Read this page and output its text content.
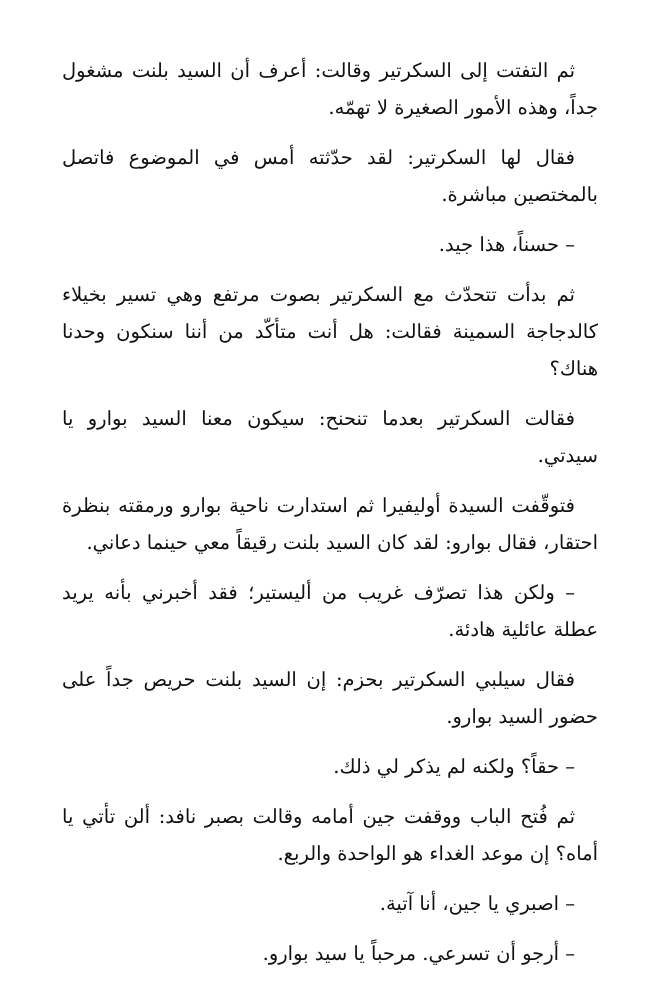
ثم التفتت إلى السكرتير وقالت: أعرف أن السيد بلنت مشغول جداً، وهذه الأمور الصغيرة لا تهمّه.

فقال لها السكرتير: لقد حدّثته أمس في الموضوع فاتصل بالمختصين مباشرة.

– حسناً، هذا جيد.

ثم بدأت تتحدّث مع السكرتير بصوت مرتفع وهي تسير بخيلاء كالدجاجة السمينة فقالت: هل أنت متأكّد من أننا سنكون وحدنا هناك؟

فقالت السكرتير بعدما تنحنح: سيكون معنا السيد بوارو يا سيدتي.

فتوقّفت السيدة أوليفيرا ثم استدارت ناحية بوارو ورمقته بنظرة احتقار، فقال بوارو: لقد كان السيد بلنت رقيقاً معي حينما دعاني.

– ولكن هذا تصرّف غريب من أليستير؛ فقد أخبرني بأنه يريد عطلة عائلية هادئة.

فقال سيلبي السكرتير بحزم: إن السيد بلنت حريص جداً على حضور السيد بوارو.

– حقاً؟ ولكنه لم يذكر لي ذلك.

ثم فُتح الباب ووقفت جين أمامه وقالت بصبر نافد: ألن تأتي يا أماه؟ إن موعد الغداء هو الواحدة والربع.

– اصبري يا جين، أنا آتية.

– أرجو أن تسرعي. مرحباً يا سيد بوارو.
